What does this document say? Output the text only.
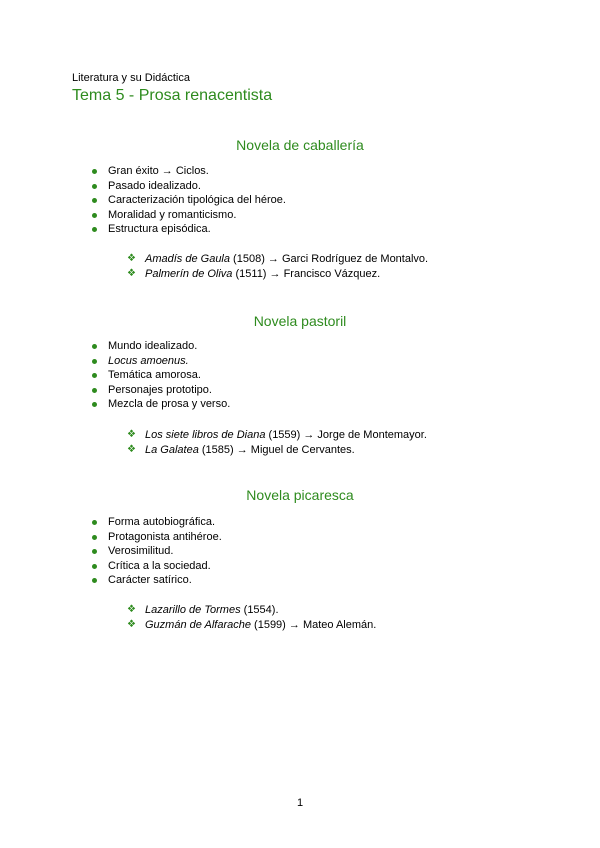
Literatura y su Didáctica
Tema 5 - Prosa renacentista
Novela de caballería
Gran éxito → Ciclos.
Pasado idealizado.
Caracterización tipológica del héroe.
Moralidad y romanticismo.
Estructura episódica.
❖ Amadís de Gaula (1508) → Garci Rodríguez de Montalvo.
❖ Palmerín de Oliva (1511) → Francisco Vázquez.
Novela pastoril
Mundo idealizado.
Locus amoenus.
Temática amorosa.
Personajes prototipo.
Mezcla de prosa y verso.
❖ Los siete libros de Diana (1559) → Jorge de Montemayor.
❖ La Galatea (1585) → Miguel de Cervantes.
Novela picaresca
Forma autobiográfica.
Protagonista antihéroe.
Verosimilitud.
Crítica a la sociedad.
Carácter satírico.
❖ Lazarillo de Tormes (1554).
❖ Guzmán de Alfarache (1599) → Mateo Alemán.
1
